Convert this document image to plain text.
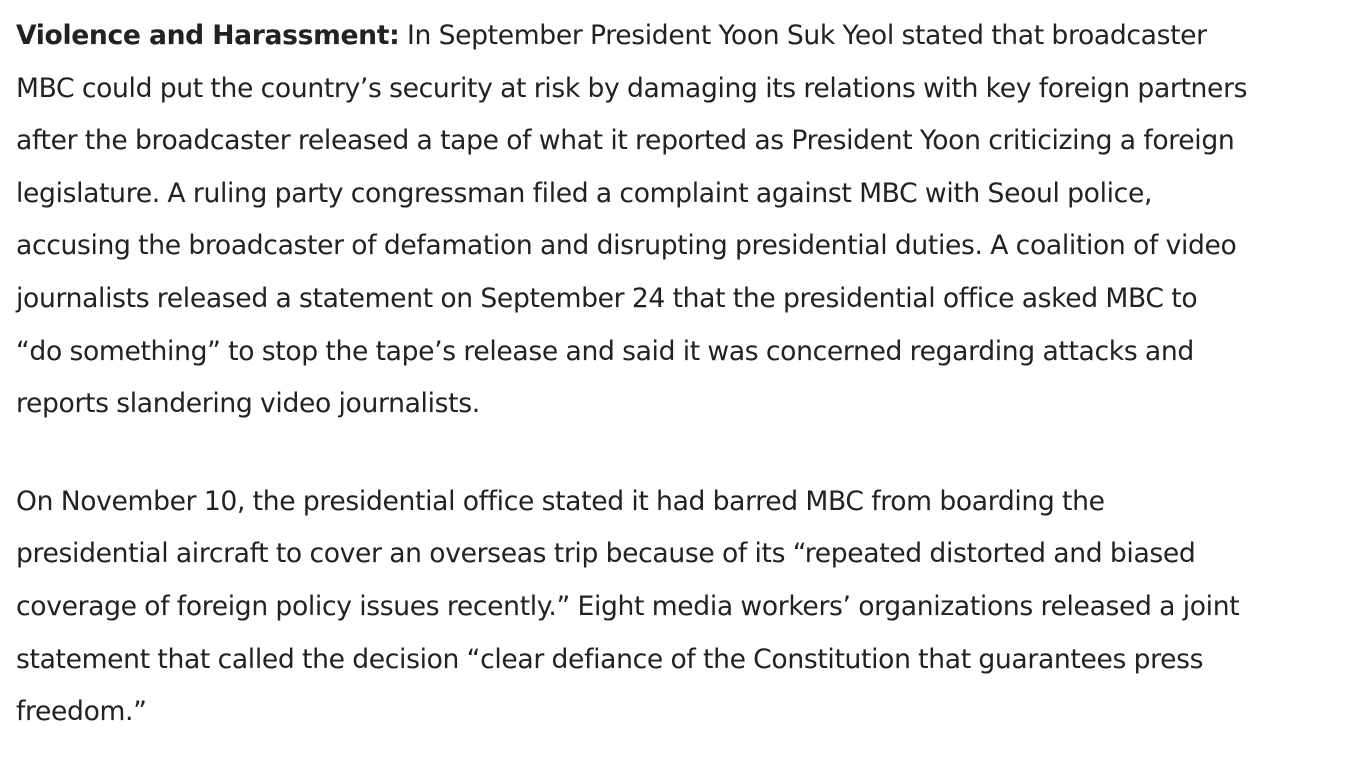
Violence and Harassment: In September President Yoon Suk Yeol stated that broadcaster
MBC could put the country’s security at risk by damaging its relations with key foreign partners
after the broadcaster released a tape of what it reported as President Yoon criticizing a foreign
legislature. A ruling party congressman filed a complaint against MBC with Seoul police,
accusing the broadcaster of defamation and disrupting presidential duties. A coalition of video
journalists released a statement on September 24 that the presidential office asked MBC to
“do something” to stop the tape’s release and said it was concerned regarding attacks and
reports slandering video journalists.

On November 10, the presidential office stated it had barred MBC from boarding the
presidential aircraft to cover an overseas trip because of its “repeated distorted and biased
coverage of foreign policy issues recently.” Eight media workers’ organizations released a joint
statement that called the decision “clear defiance of the Constitution that guarantees press
freedom.”
